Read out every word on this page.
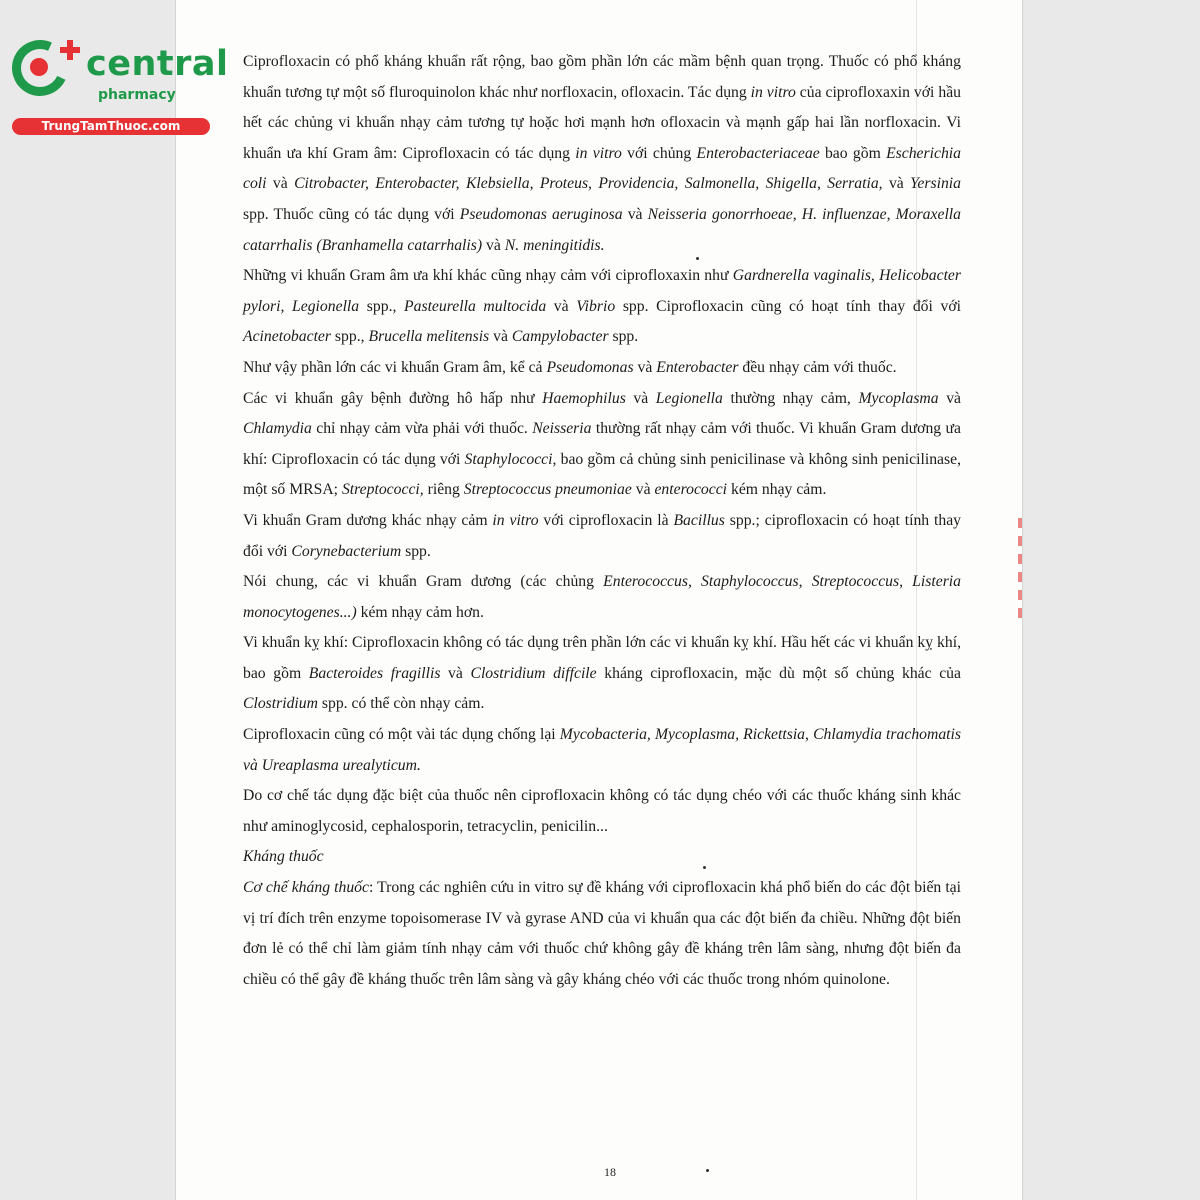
central
pharmacy
TrungTamThuoc.com

Ciprofloxacin có phổ kháng khuẩn rất rộng, bao gồm phần lớn các mầm bệnh quan trọng. Thuốc có phổ kháng khuẩn tương tự một số fluroquinolon khác như norfloxacin, ofloxacin. Tác dụng in vitro của ciprofloxaxin với hầu hết các chủng vi khuẩn nhạy cảm tương tự hoặc hơi mạnh hơn ofloxacin và mạnh gấp hai lần norfloxacin. Vi khuẩn ưa khí Gram âm: Ciprofloxacin có tác dụng in vitro với chủng Enterobacteriaceae bao gồm Escherichia coli và Citrobacter, Enterobacter, Klebsiella, Proteus, Providencia, Salmonella, Shigella, Serratia, và Yersinia spp. Thuốc cũng có tác dụng với Pseudomonas aeruginosa và Neisseria gonorrhoeae, H. influenzae, Moraxella catarrhalis (Branhamella catarrhalis) và N. meningitidis.

Những vi khuẩn Gram âm ưa khí khác cũng nhạy cảm với ciprofloxaxin như Gardnerella vaginalis, Helicobacter pylori, Legionella spp., Pasteurella multocida và Vibrio spp. Ciprofloxacin cũng có hoạt tính thay đổi với Acinetobacter spp., Brucella melitensis và Campylobacter spp.

Như vậy phần lớn các vi khuẩn Gram âm, kể cả Pseudomonas và Enterobacter đều nhạy cảm với thuốc.

Các vi khuẩn gây bệnh đường hô hấp như Haemophilus và Legionella thường nhạy cảm, Mycoplasma và Chlamydia chỉ nhạy cảm vừa phải với thuốc. Neisseria thường rất nhạy cảm với thuốc. Vi khuẩn Gram dương ưa khí: Ciprofloxacin có tác dụng với Staphylococci, bao gồm cả chủng sinh penicilinase và không sinh penicilinase, một số MRSA; Streptococci, riêng Streptococcus pneumoniae và enterococci kém nhạy cảm.

Vi khuẩn Gram dương khác nhạy cảm in vitro với ciprofloxacin là Bacillus spp.; ciprofloxacin có hoạt tính thay đổi với Corynebacterium spp.

Nói chung, các vi khuẩn Gram dương (các chủng Enterococcus, Staphylococcus, Streptococcus, Listeria monocytogenes...) kém nhạy cảm hơn.

Vi khuẩn kỵ khí: Ciprofloxacin không có tác dụng trên phần lớn các vi khuẩn kỵ khí. Hầu hết các vi khuẩn kỵ khí, bao gồm Bacteroides fragillis và Clostridium diffcile kháng ciprofloxacin, mặc dù một số chủng khác của Clostridium spp. có thể còn nhạy cảm.

Ciprofloxacin cũng có một vài tác dụng chống lại Mycobacteria, Mycoplasma, Rickettsia, Chlamydia trachomatis và Ureaplasma urealyticum.

Do cơ chế tác dụng đặc biệt của thuốc nên ciprofloxacin không có tác dụng chéo với các thuốc kháng sinh khác như aminoglycosid, cephalosporin, tetracyclin, penicilin...

Kháng thuốc

Cơ chế kháng thuốc: Trong các nghiên cứu in vitro sự đề kháng với ciprofloxacin khá phổ biến do các đột biến tại vị trí đích trên enzyme topoisomerase IV và gyrase AND của vi khuẩn qua các đột biến đa chiều. Những đột biến đơn lẻ có thể chỉ làm giảm tính nhạy cảm với thuốc chứ không gây đề kháng trên lâm sàng, nhưng đột biến đa chiều có thể gây đề kháng thuốc trên lâm sàng và gây kháng chéo với các thuốc trong nhóm quinolone.

18
